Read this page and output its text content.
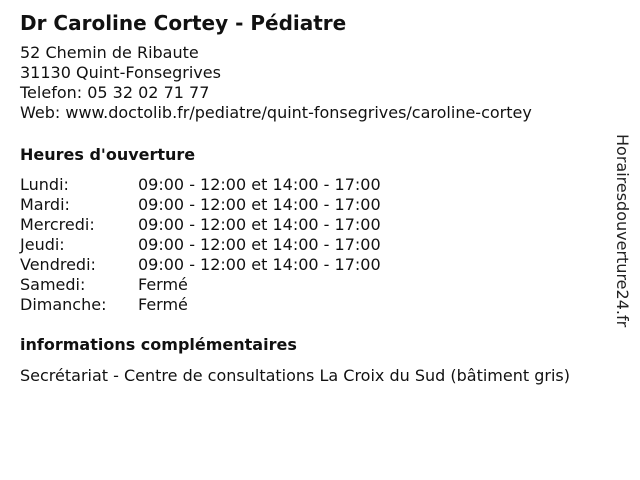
Dr Caroline Cortey - Pédiatre
52 Chemin de Ribaute
31130 Quint-Fonsegrives
Telefon: 05 32 02 71 77
Web: www.doctolib.fr/pediatre/quint-fonsegrives/caroline-cortey
Heures d'ouverture
Lundi:	09:00 - 12:00 et 14:00 - 17:00
Mardi:	09:00 - 12:00 et 14:00 - 17:00
Mercredi:	09:00 - 12:00 et 14:00 - 17:00
Jeudi:	09:00 - 12:00 et 14:00 - 17:00
Vendredi:	09:00 - 12:00 et 14:00 - 17:00
Samedi:	Fermé
Dimanche:	Fermé
informations complémentaires
Secrétariat - Centre de consultations La Croix du Sud (bâtiment gris)
Horairesdouverture24.fr
